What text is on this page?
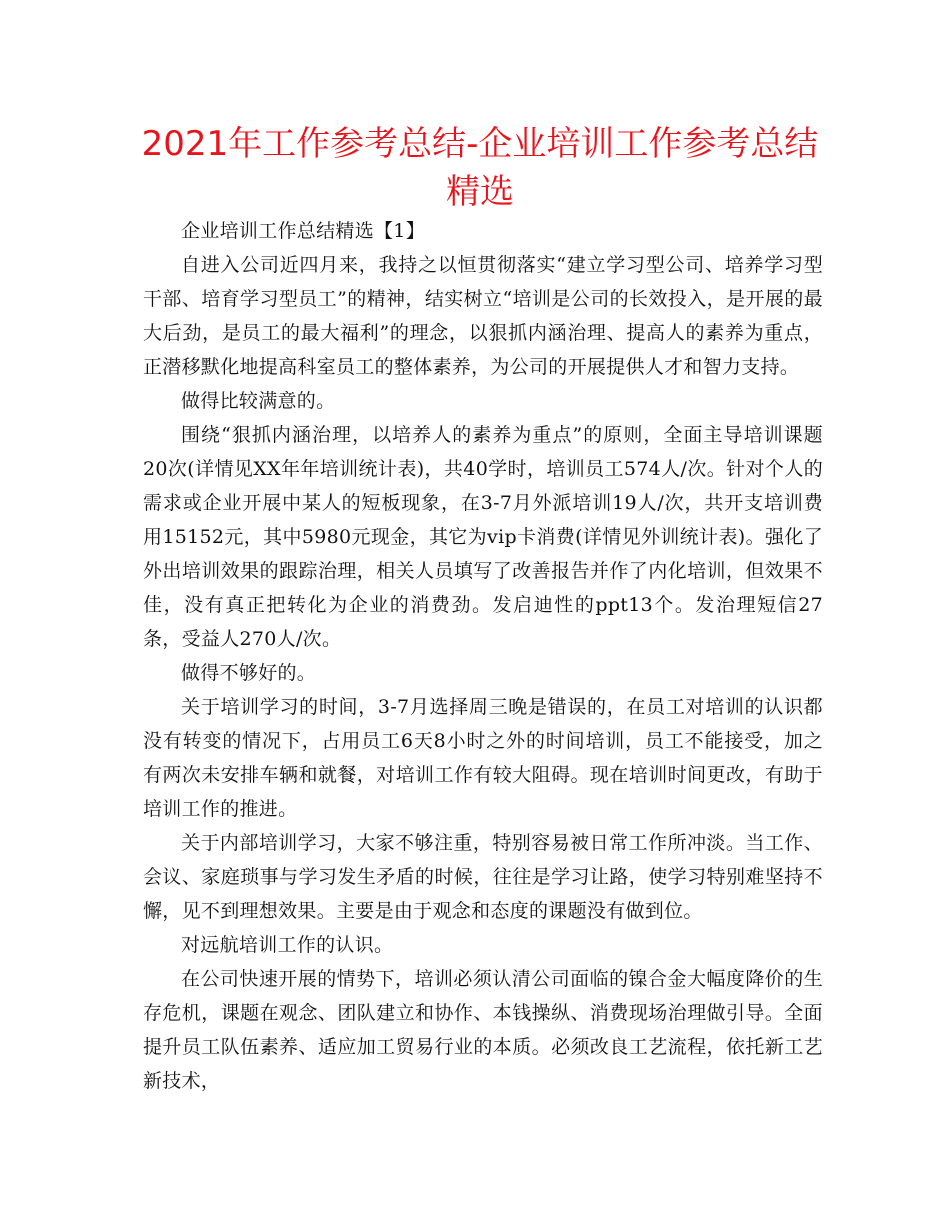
2021年工作参考总结-企业培训工作参考总结精选

企业培训工作总结精选【1】

自进入公司近四月来，我持之以恒贯彻落实“建立学习型公司、培养学习型干部、培育学习型员工”的精神，结实树立“培训是公司的长效投入，是开展的最大后劲，是员工的最大福利”的理念，以狠抓内涵治理、提高人的素养为重点，正潜移默化地提高科室员工的整体素养，为公司的开展提供人才和智力支持。

做得比较满意的。

围绕“狠抓内涵治理，以培养人的素养为重点”的原则，全面主导培训课题20次(详情见XX年年培训统计表)，共40学时，培训员工574人/次。针对个人的需求或企业开展中某人的短板现象，在3-7月外派培训19人/次，共开支培训费用15152元，其中5980元现金，其它为vip卡消费(详情见外训统计表)。强化了外出培训效果的跟踪治理，相关人员填写了改善报告并作了内化培训，但效果不佳，没有真正把转化为企业的消费劲。发启迪性的ppt13个。发治理短信27条，受益人270人/次。

做得不够好的。

关于培训学习的时间，3-7月选择周三晚是错误的，在员工对培训的认识都没有转变的情况下，占用员工6天8小时之外的时间培训，员工不能接受，加之有两次未安排车辆和就餐，对培训工作有较大阻碍。现在培训时间更改，有助于培训工作的推进。

关于内部培训学习，大家不够注重，特别容易被日常工作所冲淡。当工作、会议、家庭琐事与学习发生矛盾的时候，往往是学习让路，使学习特别难坚持不懈，见不到理想效果。主要是由于观念和态度的课题没有做到位。

对远航培训工作的认识。

在公司快速开展的情势下，培训必须认清公司面临的镍合金大幅度降价的生存危机，课题在观念、团队建立和协作、本钱操纵、消费现场治理做引导。全面提升员工队伍素养、适应加工贸易行业的本质。必须改良工艺流程，依托新工艺新技术，
